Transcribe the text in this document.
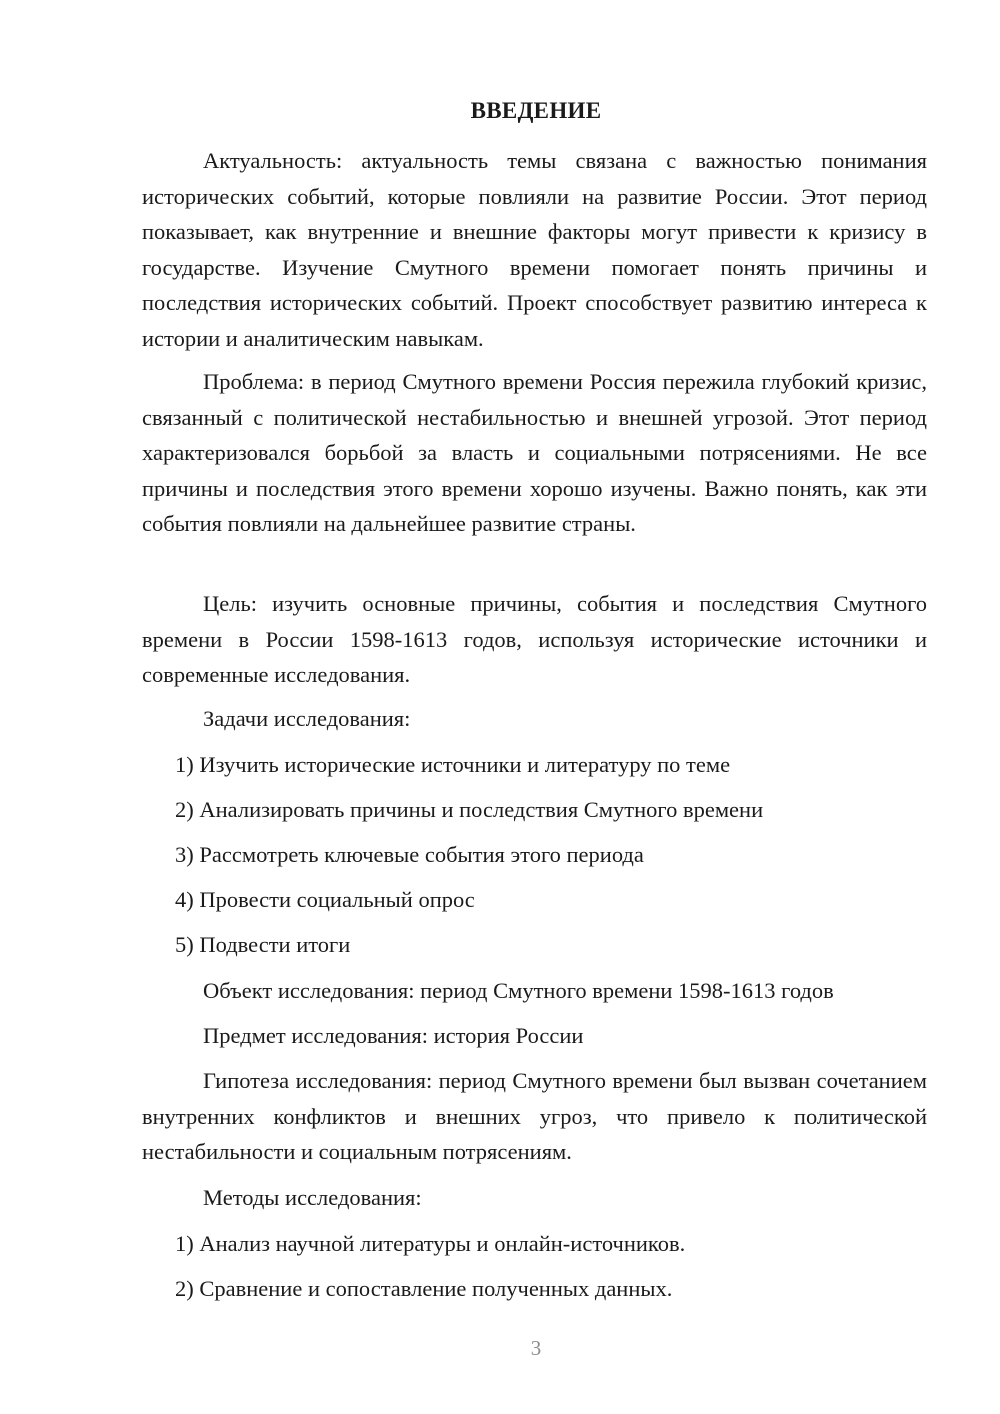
ВВЕДЕНИЕ

Актуальность: актуальность темы связана с важностью понимания исторических событий, которые повлияли на развитие России. Этот период показывает, как внутренние и внешние факторы могут привести к кризису в государстве. Изучение Смутного времени помогает понять причины и последствия исторических событий. Проект способствует развитию интереса к истории и аналитическим навыкам.

Проблема: в период Смутного времени Россия пережила глубокий кризис, связанный с политической нестабильностью и внешней угрозой. Этот период характеризовался борьбой за власть и социальными потрясениями. Не все причины и последствия этого времени хорошо изучены. Важно понять, как эти события повлияли на дальнейшее развитие страны.

Цель: изучить основные причины, события и последствия Смутного времени в России 1598-1613 годов, используя исторические источники и современные исследования.

Задачи исследования:

1) Изучить исторические источники и литературу по теме

2) Анализировать причины и последствия Смутного времени

3) Рассмотреть ключевые события этого периода

4) Провести социальный опрос

5) Подвести итоги

Объект исследования: период Смутного времени 1598-1613 годов

Предмет исследования: история России

Гипотеза исследования: период Смутного времени был вызван сочетанием внутренних конфликтов и внешних угроз, что привело к политической нестабильности и социальным потрясениям.

Методы исследования:

1) Анализ научной литературы и онлайн-источников.

2) Сравнение и сопоставление полученных данных.

3
